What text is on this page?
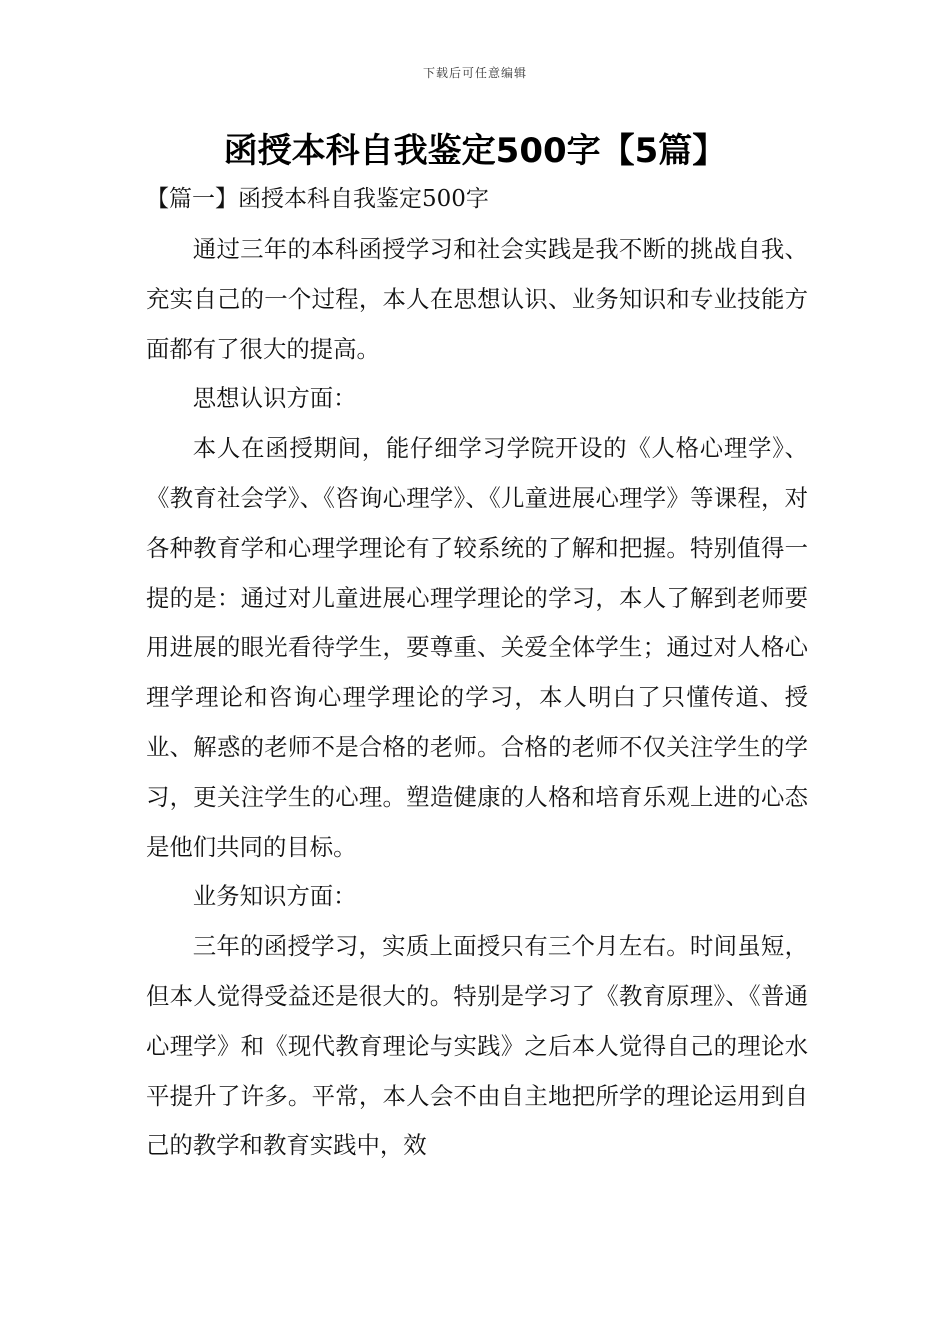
下载后可任意编辑
函授本科自我鉴定500字【5篇】
【篇一】函授本科自我鉴定500字

通过三年的本科函授学习和社会实践是我不断的挑战自我、充实自己的一个过程，本人在思想认识、业务知识和专业技能方面都有了很大的提高。

思想认识方面：

本人在函授期间，能仔细学习学院开设的《人格心理学》、《教育社会学》、《咨询心理学》、《儿童进展心理学》等课程，对各种教育学和心理学理论有了较系统的了解和把握。特别值得一提的是：通过对儿童进展心理学理论的学习，本人了解到老师要用进展的眼光看待学生，要尊重、关爱全体学生；通过对人格心理学理论和咨询心理学理论的学习，本人明白了只懂传道、授业、解惑的老师不是合格的老师。合格的老师不仅关注学生的学习，更关注学生的心理。塑造健康的人格和培育乐观上进的心态是他们共同的目标。

业务知识方面：

三年的函授学习，实质上面授只有三个月左右。时间虽短，但本人觉得受益还是很大的。特别是学习了《教育原理》、《普通心理学》和《现代教育理论与实践》之后本人觉得自己的理论水平提升了许多。平常，本人会不由自主地把所学的理论运用到自己的教学和教育实践中，效
